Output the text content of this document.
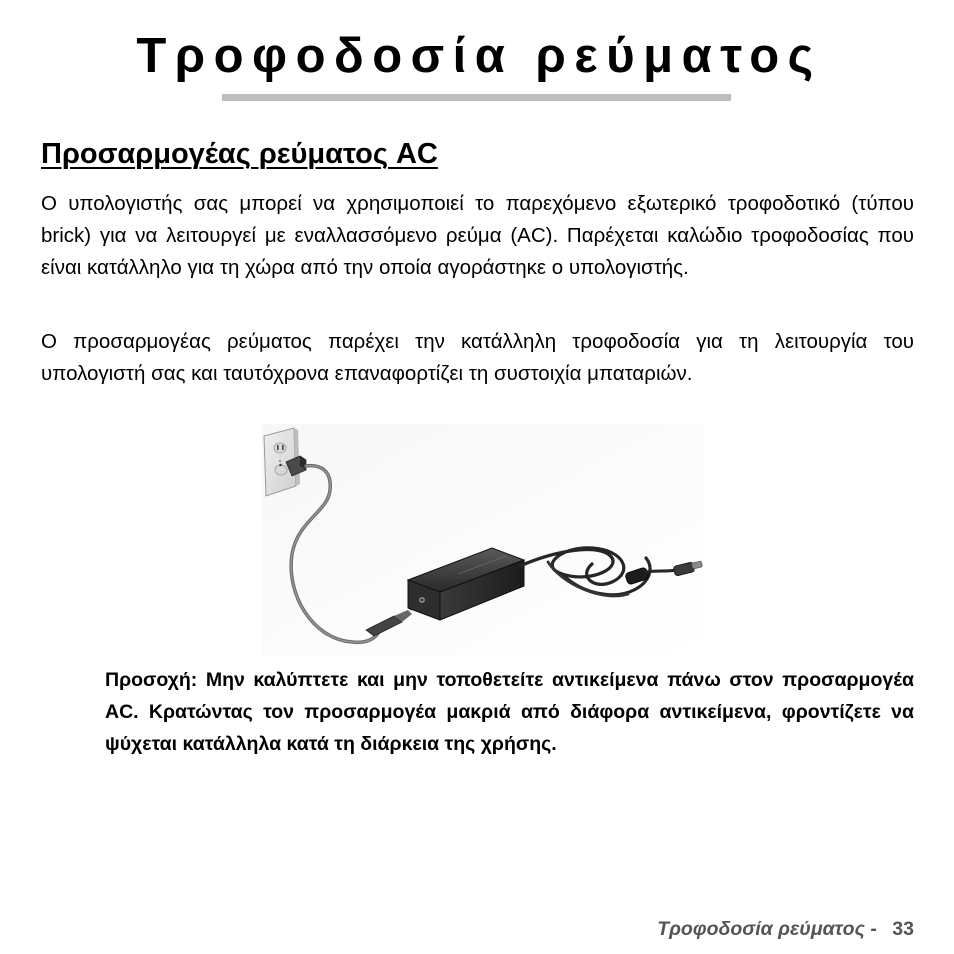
Τροφοδοσία ρεύματος
Προσαρμογέας ρεύματος AC

Ο υπολογιστής σας μπορεί να χρησιμοποιεί το παρεχόμενο εξωτερικό τροφοδοτικό (τύπου brick) για να λειτουργεί με εναλλασσόμενο ρεύμα (AC). Παρέχεται καλώδιο τροφοδοσίας που είναι κατάλληλο για τη χώρα από την οποία αγοράστηκε ο υπολογιστής.

Ο προσαρμογέας ρεύματος παρέχει την κατάλληλη τροφοδοσία για τη λειτουργία του υπολογιστή σας και ταυτόχρονα επαναφορτίζει τη συστοιχία μπαταριών.

Προσοχή: Μην καλύπτετε και μην τοποθετείτε αντικείμενα πάνω στον προσαρμογέα AC. Κρατώντας τον προσαρμογέα μακριά από διάφορα αντικείμενα, φροντίζετε να ψύχεται κατάλληλα κατά τη διάρκεια της χρήσης.

Τροφοδοσία ρεύματος - 33
